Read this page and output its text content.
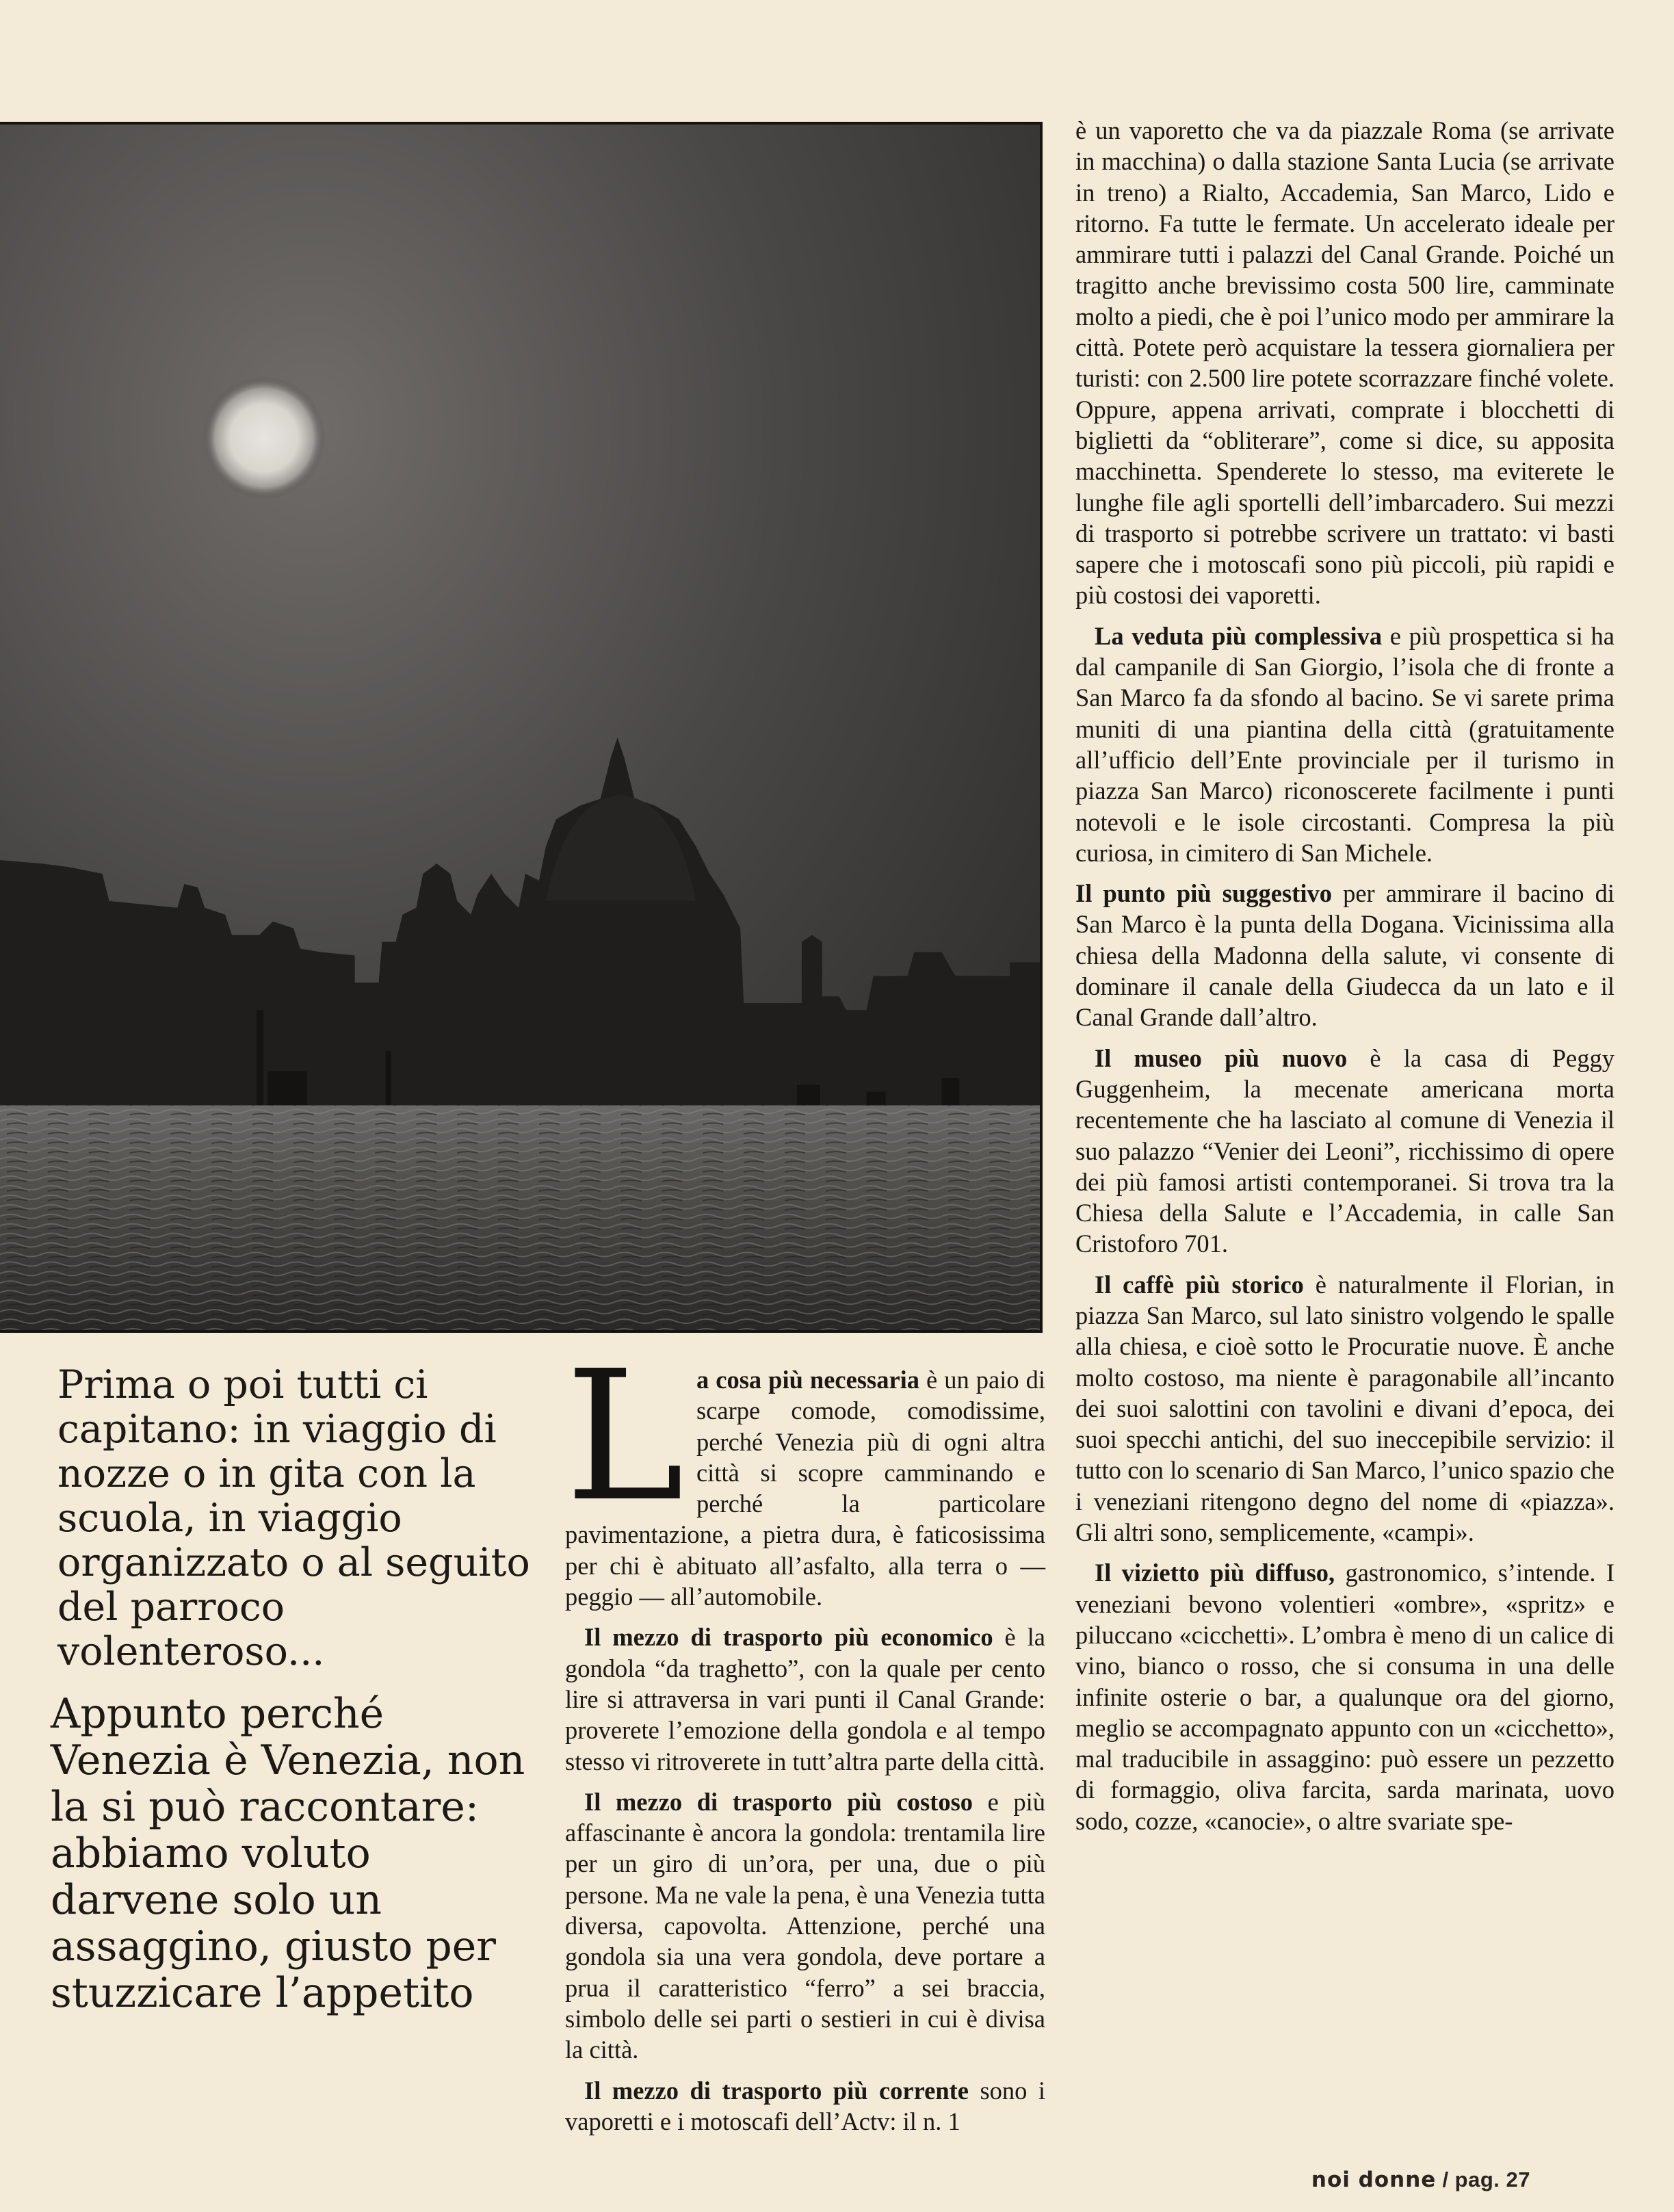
Prima o poi tutti ci capitano: in viaggio di nozze o in gita con la scuola, in viaggio organizzato o al seguito del parroco volenteroso...

Appunto perché Venezia è Venezia, non la si può raccontare: abbiamo voluto darvene solo un assaggino, giusto per stuzzicare l’appetito

La cosa più necessaria è un paio di scarpe comode, comodissime, perché Venezia più di ogni altra città si scopre camminando e perché la particolare pavimentazione, a pietra dura, è faticosissima per chi è abituato all’asfalto, alla terra o — peggio — all’automobile.

Il mezzo di trasporto più economico è la gondola “da traghetto”, con la quale per cento lire si attraversa in vari punti il Canal Grande: proverete l’emozione della gondola e al tempo stesso vi ritroverete in tutt’altra parte della città.

Il mezzo di trasporto più costoso e più affascinante è ancora la gondola: trentamila lire per un giro di un’ora, per una, due o più persone. Ma ne vale la pena, è una Venezia tutta diversa, capovolta. Attenzione, perché una gondola sia una vera gondola, deve portare a prua il caratteristico “ferro” a sei braccia, simbolo delle sei parti o sestieri in cui è divisa la città.

Il mezzo di trasporto più corrente sono i vaporetti e i motoscafi dell’Actv: il n. 1

è un vaporetto che va da piazzale Roma (se arrivate in macchina) o dalla stazione Santa Lucia (se arrivate in treno) a Rialto, Accademia, San Marco, Lido e ritorno. Fa tutte le fermate. Un accelerato ideale per ammirare tutti i palazzi del Canal Grande. Poiché un tragitto anche brevissimo costa 500 lire, camminate molto a piedi, che è poi l’unico modo per ammirare la città. Potete però acquistare la tessera giornaliera per turisti: con 2.500 lire potete scorrazzare finché volete. Oppure, appena arrivati, comprate i blocchetti di biglietti da “obliterare”, come si dice, su apposita macchinetta. Spenderete lo stesso, ma eviterete le lunghe file agli sportelli dell’imbarcadero. Sui mezzi di trasporto si potrebbe scrivere un trattato: vi basti sapere che i motoscafi sono più piccoli, più rapidi e più costosi dei vaporetti.

La veduta più complessiva e più prospettica si ha dal campanile di San Giorgio, l’isola che di fronte a San Marco fa da sfondo al bacino. Se vi sarete prima muniti di una piantina della città (gratuitamente all’ufficio dell’Ente provinciale per il turismo in piazza San Marco) riconoscerete facilmente i punti notevoli e le isole circostanti. Compresa la più curiosa, in cimitero di San Michele.

Il punto più suggestivo per ammirare il bacino di San Marco è la punta della Dogana. Vicinissima alla chiesa della Madonna della salute, vi consente di dominare il canale della Giudecca da un lato e il Canal Grande dall’altro.

Il museo più nuovo è la casa di Peggy Guggenheim, la mecenate americana morta recentemente che ha lasciato al comune di Venezia il suo palazzo “Venier dei Leoni”, ricchissimo di opere dei più famosi artisti contemporanei. Si trova tra la Chiesa della Salute e l’Accademia, in calle San Cristoforo 701.

Il caffè più storico è naturalmente il Florian, in piazza San Marco, sul lato sinistro volgendo le spalle alla chiesa, e cioè sotto le Procuratie nuove. È anche molto costoso, ma niente è paragonabile all’incanto dei suoi salottini con tavolini e divani d’epoca, dei suoi specchi antichi, del suo ineccepibile servizio: il tutto con lo scenario di San Marco, l’unico spazio che i veneziani ritengono degno del nome di «piazza». Gli altri sono, semplicemente, «campi».

Il vizietto più diffuso, gastronomico, s’intende. I veneziani bevono volentieri «ombre», «spritz» e piluccano «cicchetti». L’ombra è meno di un calice di vino, bianco o rosso, che si consuma in una delle infinite osterie o bar, a qualunque ora del giorno, meglio se accompagnato appunto con un «cicchetto», mal traducibile in assaggino: può essere un pezzetto di formaggio, oliva farcita, sarda marinata, uovo sodo, cozze, «canocie», o altre svariate spe-

noi donne / pag. 27
